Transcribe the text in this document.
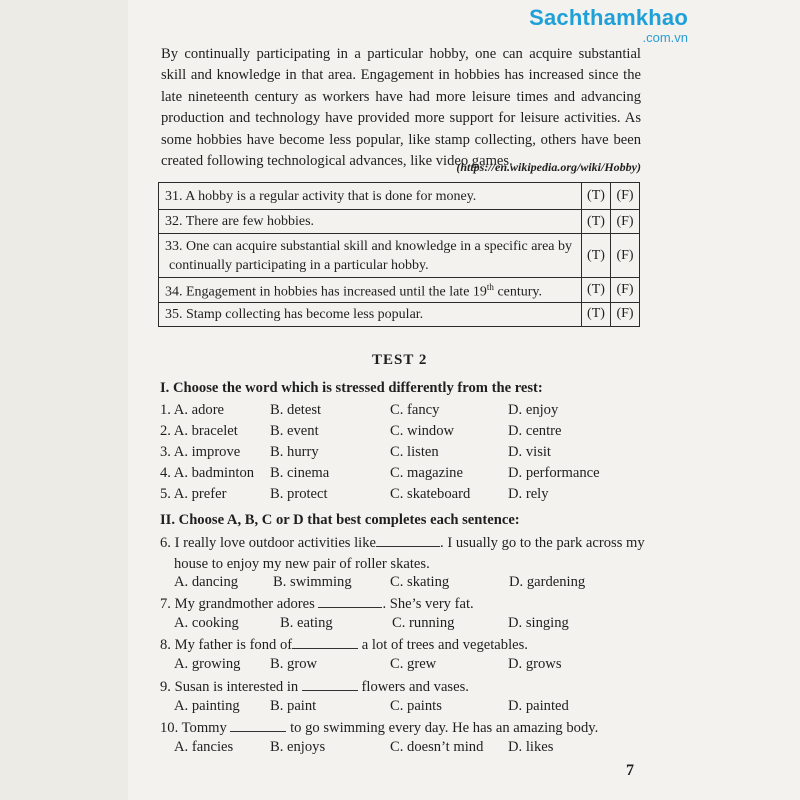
Sachthamkhao
.com.vn
By continually participating in a particular hobby, one can acquire substantial skill and knowledge in that area. Engagement in hobbies has increased since the late nineteenth century as workers have had more leisure times and advancing production and technology have provided more support for leisure activities. As some hobbies have become less popular, like stamp collecting, others have been created following technological advances, like video games.
(https://en.wikipedia.org/wiki/Hobby)
31. A hobby is a regular activity that is done for money.	(T)	(F)
32. There are few hobbies.	(T)	(F)
33. One can acquire substantial skill and knowledge in a specific area by continually participating in a particular hobby.	(T)	(F)
34. Engagement in hobbies has increased until the late 19th century.	(T)	(F)
35. Stamp collecting has become less popular.	(T)	(F)
TEST 2
I. Choose the word which is stressed differently from the rest:
1. A. adore	B. detest	C. fancy	D. enjoy
2. A. bracelet B. event	C. window	D. centre
3. A. improve B. hurry	C. listen	D. visit
4. A. badminton B. cinema	C. magazine	D. performance
5. A. prefer	B. protect	C. skateboard	D. rely
II. Choose A, B, C or D that best completes each sentence:
6. I really love outdoor activities like	. I usually go to the park across my house to enjoy my new pair of roller skates.
A. dancing B. swimming	C. skating	D. gardening
7. My grandmother adores	. She’s very fat.
A. cooking	B. eating	C. running	D. singing
8. My father is fond of	a lot of trees and vegetables.
A. growing B. grow	C. grew	D. grows
9. Susan is interested in	flowers and vases.
A. painting B. paint	C. paints	D. painted
10. Tommy	to go swimming every day. He has an amazing body.
A. fancies	B. enjoys	C. doesn’t mind D. likes
7
